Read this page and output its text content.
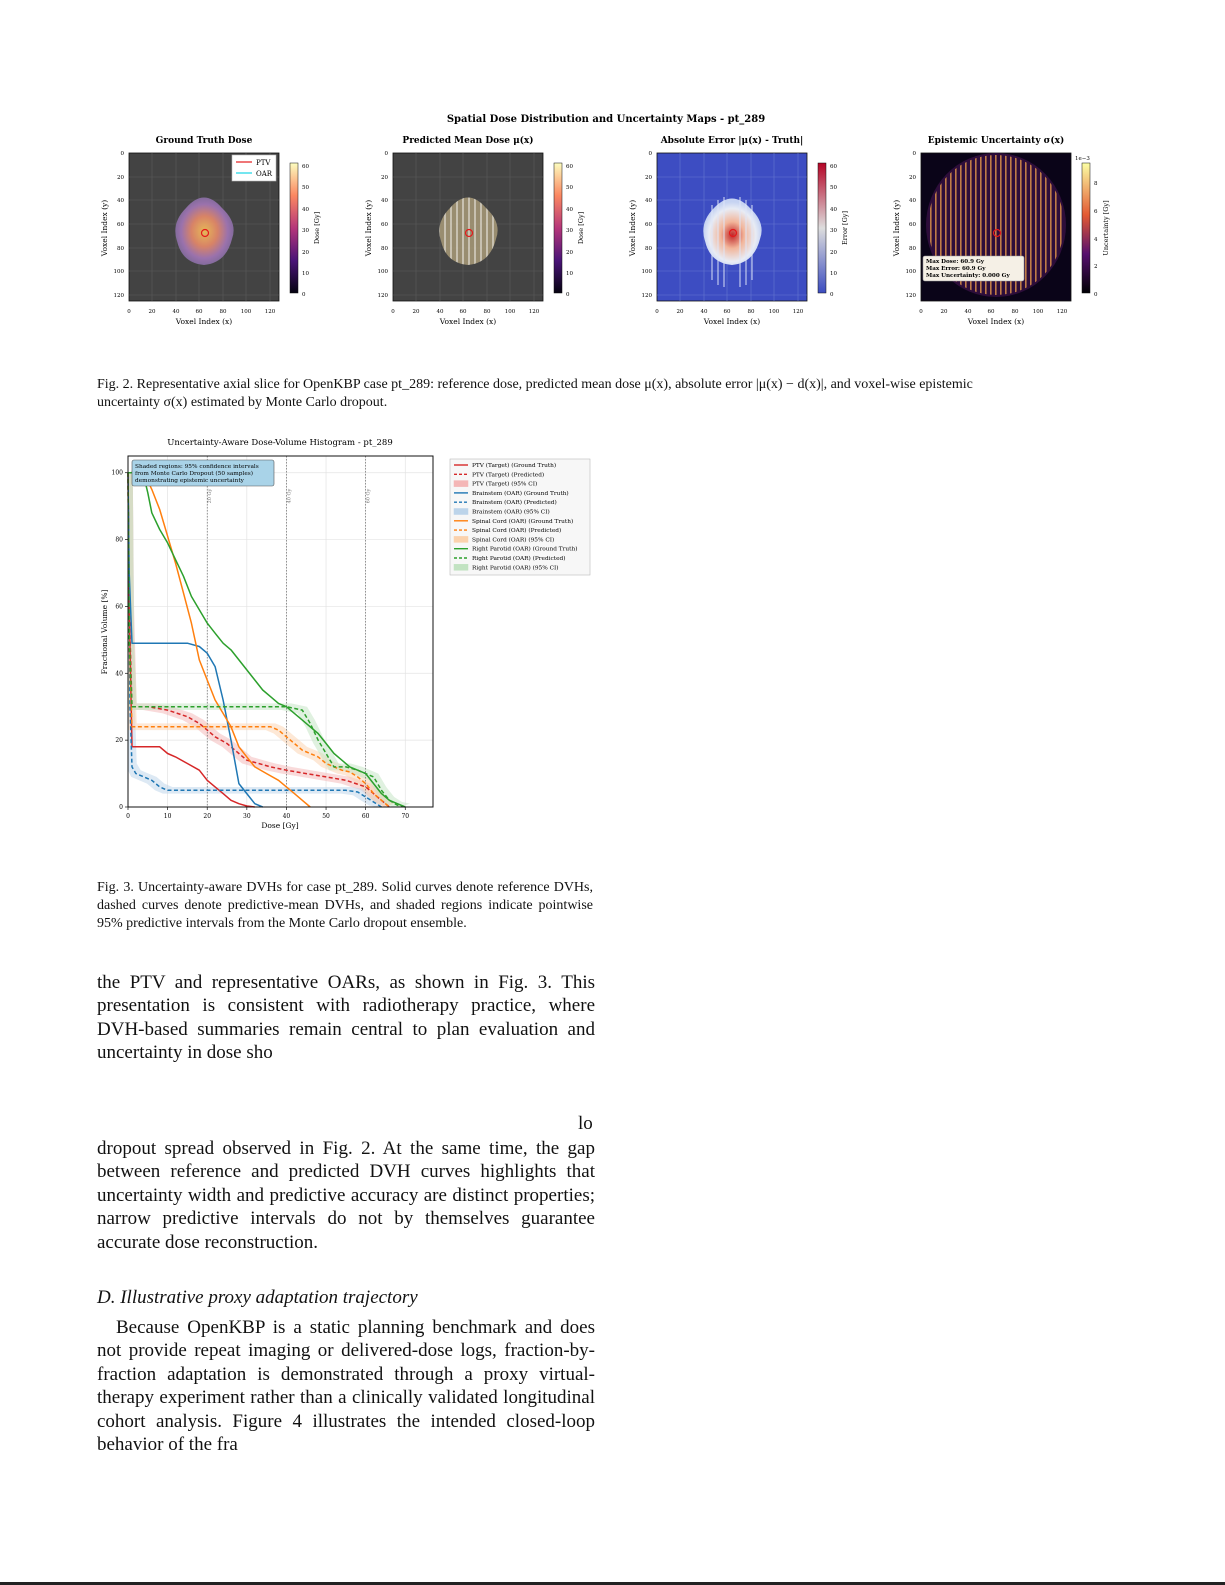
Spatial Dose Distribution and Uncertainty Maps - pt_289
Ground Truth Dose
PTV
OAR
60
50
40
30
20
10
0
Dose [Gy]
Voxel Index (y)
Voxel Index (x)
0
20
40
60
80
100
120
0	20	40	60	80	100 120
Predicted Mean Dose μ(x)
60
50
40
30
20
10
0
Dose [Gy]
Voxel Index (y)
Voxel Index (x)
0
20
40
60
80
100
120
0	20	40	60	80	100 120
Absolute Error |μ(x) - Truth|
60
50
40
30
20
10
0
Error [Gy]
Voxel Index (y)
Voxel Index (x)
0
20
40
60
80
100
120
0	20	40	60	80	100 120
Epistemic Uncertainty σ(x)
Max Dose: 60.9 Gy
Max Error: 60.9 Gy
Max Uncertainty: 0.000 Gy
1e−3
8
6
4
2
0
Uncertainty [Gy]
Voxel Index (y)
Voxel Index (x)
0
20
40
60
80
100
120
0	20	40	60	80	100 120
Fig. 2. Representative axial slice for OpenKBP case pt_289: reference dose, predicted mean dose μ(x), absolute error |μ(x) − d(x)|, and voxel-wise epistemic
uncertainty σ(x) estimated by Monte Carlo dropout.
Uncertainty-Aware Dose-Volume Histogram - pt_289
20 Gy	40 Gy	60 Gy
0	10	20	30	40	50	60	70
0
20
40
60
80
100
Dose [Gy]
Fractional Volume [%]
Shaded regions: 95% confidence intervals
from Monte Carlo Dropout (50 samples)
demonstrating epistemic uncertainty
PTV (Target) (Ground Truth)
PTV (Target) (Predicted)
PTV (Target) (95% CI)
Brainstem (OAR) (Ground Truth)
Brainstem (OAR) (Predicted)
Brainstem (OAR) (95% CI)
Spinal Cord (OAR) (Ground Truth)
Spinal Cord (OAR) (Predicted)
Spinal Cord (OAR) (95% CI)
Right Parotid (OAR) (Ground Truth)
Right Parotid (OAR) (Predicted)
Right Parotid (OAR) (95% CI)
Fig. 3. Uncertainty-aware DVHs for case pt_289. Solid curves denote reference DVHs, dashed curves denote predictive-mean DVHs, and shaded regions indicate pointwise 95% predictive intervals from the Monte Carlo dropout ensemble.
the PTV and representative OARs, as shown in Fig. 3. This presentation is consistent with radiotherapy practice, where DVH-based summaries remain central to plan evaluation and uncertainty in dose sho
lo
dropout spread observed in Fig. 2. At the same time, the gap between reference and predicted DVH curves highlights that uncertainty width and predictive accuracy are distinct properties; narrow predictive intervals do not by themselves guarantee accurate dose reconstruction.
D. Illustrative proxy adaptation trajectory
Because OpenKBP is a static planning benchmark and does not provide repeat imaging or delivered-dose logs, fraction-by-fraction adaptation is demonstrated through a proxy virtual-therapy experiment rather than a clinically validated longitudinal cohort analysis. Figure 4 illustrates the intended closed-loop behavior of the fra
